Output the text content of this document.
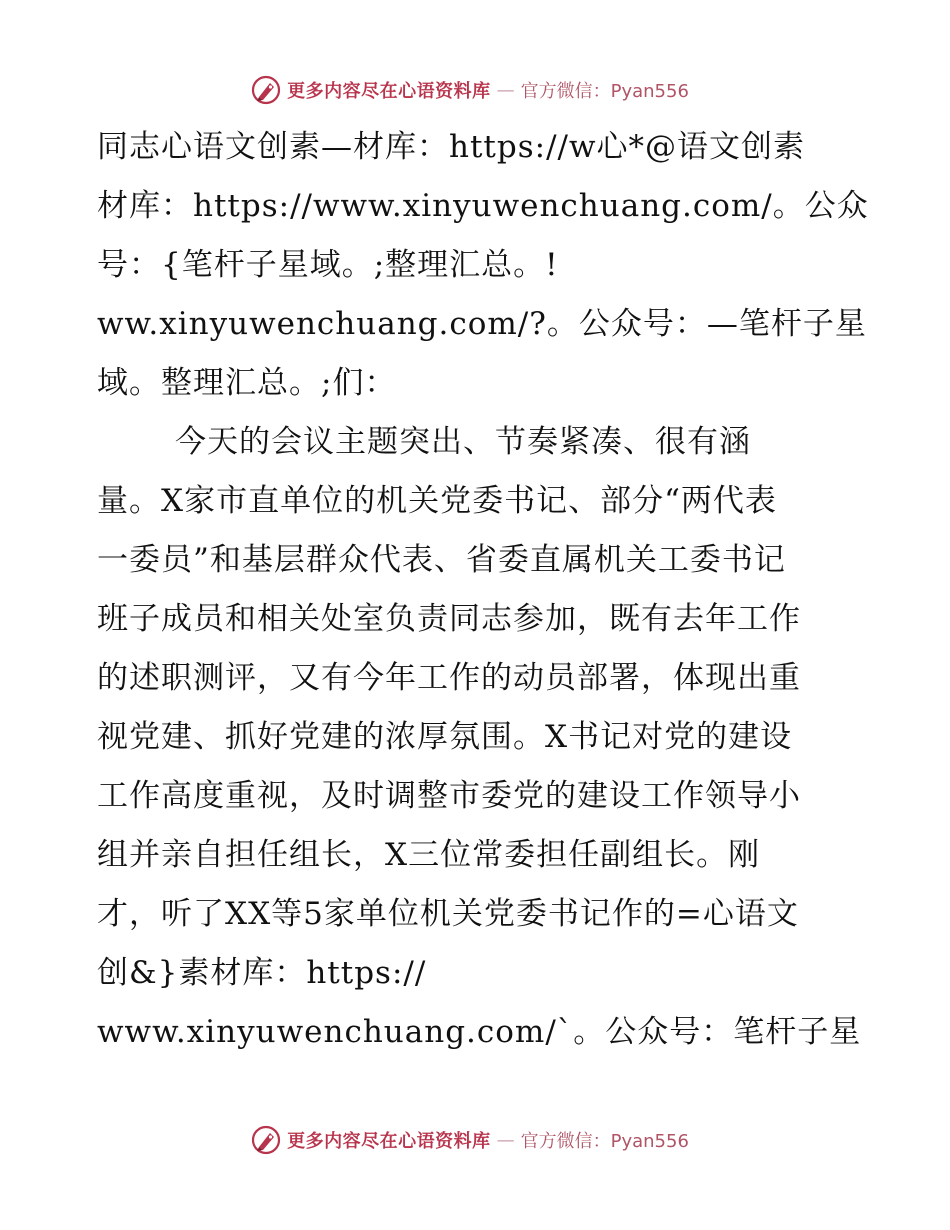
更多内容尽在心语资料库 — 官方微信：Pyan556
同志心语文创素—材库：https://w心*@语文创素
材库：https://www.xinyuwenchuang.com/。公众
号：{笔杆子星域。;整理汇总。!
ww.xinyuwenchuang.com/?。公众号：—笔杆子星
域。整理汇总。;们：
今天的会议主题突出、节奏紧凑、很有涵
量。X家市直单位的机关党委书记、部分“两代表
一委员”和基层群众代表、省委直属机关工委书记
班子成员和相关处室负责同志参加，既有去年工作
的述职测评，又有今年工作的动员部署，体现出重
视党建、抓好党建的浓厚氛围。X书记对党的建设
工作高度重视，及时调整市委党的建设工作领导小
组并亲自担任组长，X三位常委担任副组长。刚
才，听了XX等5家单位机关党委书记作的=心语文
创&}素材库：https://
www.xinyuwenchuang.com/`。公众号：笔杆子星
更多内容尽在心语资料库 — 官方微信：Pyan556
